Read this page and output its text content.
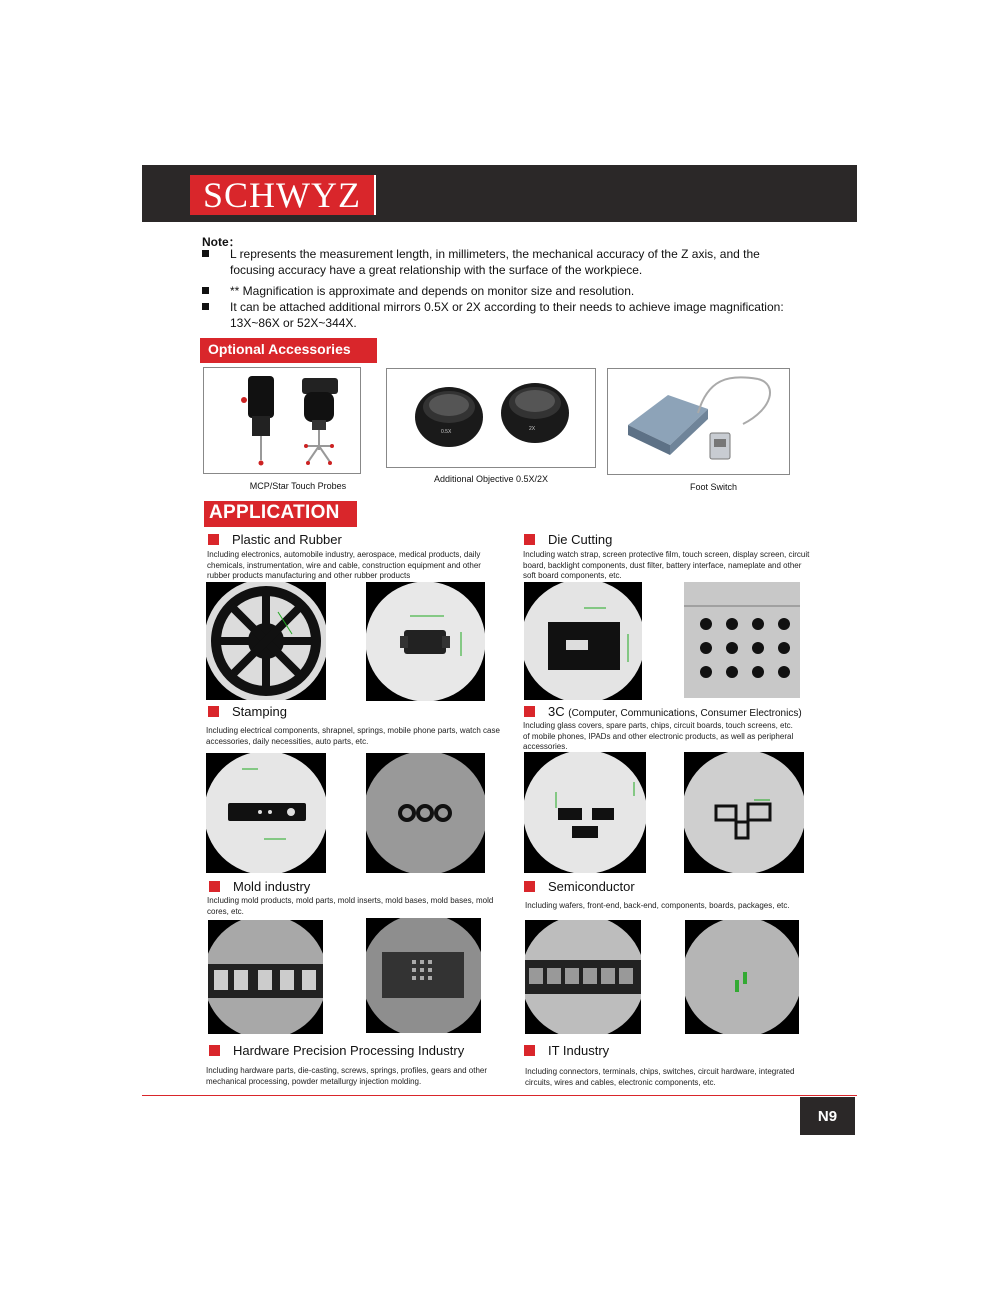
SCHWYZ
Note：
L represents the measurement length, in millimeters, the mechanical accuracy of the Z axis, and the focusing accuracy have a great relationship with the surface of the workpiece.
** Magnification is approximate and depends on monitor size and resolution.
It can be attached additional mirrors 0.5X or 2X according to their needs to achieve image magnification: 13X~86X or 52X~344X.
Optional Accessories
MCP/Star Touch Probes
0.5X	2X
Additional Objective 0.5X/2X
Foot Switch
APPLICATION
Plastic and Rubber
Including electronics, automobile industry, aerospace, medical products, daily chemicals, instrumentation, wire and cable, construction equipment and other rubber products manufacturing and other rubber products
Die Cutting
Including watch strap, screen protective film, touch screen, display screen, circuit board, backlight components, dust filter, battery interface, nameplate and other soft board components, etc.
Stamping
Including electrical components, shrapnel, springs, mobile phone parts, watch case accessories, daily necessities, auto parts, etc.
3C (Computer, Communications, Consumer Electronics)
Including glass covers, spare parts, chips, circuit boards, touch screens, etc. of mobile phones, IPADs and other electronic products, as well as peripheral accessories.
Mold industry
Including mold products, mold parts, mold inserts, mold bases, mold bases, mold cores, etc.
Semiconductor
Including wafers, front-end, back-end, components, boards, packages, etc.
Hardware Precision Processing Industry
Including hardware parts, die-casting, screws, springs, profiles, gears and other mechanical processing, powder metallurgy injection molding.
IT Industry
Including connectors, terminals, chips, switches, circuit hardware, integrated circuits, wires and cables, electronic components, etc.
N9
